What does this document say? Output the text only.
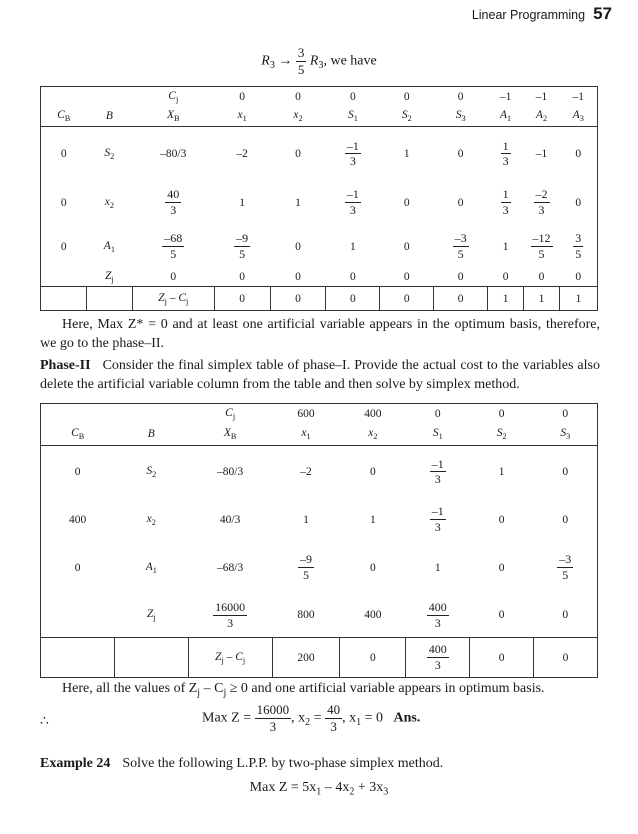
Linear Programming 57
$R_3 \to \frac{3}{5} R_3$, we have
		$C_j$	0	0	0	0	0	–1	–1	–1
$C_B$	B	$X_B$	$x_1$	$x_2$	$S_1$	$S_2$	$S_3$	$A_1$	$A_2$	$A_3$
0	$S_2$	–80/3	–2	0	$\frac{-1}{3}$	1	0	$\frac{1}{3}$	–1	0
0	$x_2$	$\frac{40}{3}$	1	1	$\frac{-1}{3}$	0	0	$\frac{1}{3}$	$\frac{-2}{3}$	0
0	$A_1$	$\frac{-68}{5}$	$\frac{-9}{5}$	0	1	0	$\frac{-3}{5}$	1	$\frac{-12}{5}$	$\frac{3}{5}$

	$Z_j$	0	0	0	0	0	0	0	0	0
		$Z_j - C_j$	0	0	0	0	0	1	1	1
Here, Max Z* = 0 and at least one artificial variable appears in the optimum basis, therefore, we go to the phase–II.
Phase-II Consider the final simplex table of phase–I. Provide the actual cost to the variables also delete the artificial variable column from the table and then solve by simplex method.
		$C_j$	600	400	0	0	0
$C_B$	B	$X_B$	$x_1$	$x_2$	$S_1$	$S_2$	$S_3$
0	$S_2$	–80/3	–2	0	$\frac{-1}{3}$	1	0
400	$x_2$	40/3	1	1	$\frac{-1}{3}$	0	0
0	$A_1$	–68/3	$\frac{-9}{5}$	0	1	0	$\frac{-3}{5}$

	$Z_j$	$\frac{16000}{3}$	800	400	$\frac{400}{3}$	0	0
		$Z_j - C_j$	200	0	$\frac{400}{3}$	0	0
Here, all the values of $Z_j - C_j \ge 0$ and one artificial variable appears in optimum basis.
∴	Max $Z = \frac{16000}{3}$ , $x_2 = \frac{40}{3}$ , $x_1 = 0$ Ans.
Example 24 Solve the following L.P.P. by two-phase simplex method.
Max $Z = 5x_1 - 4x_2 + 3x_3$
